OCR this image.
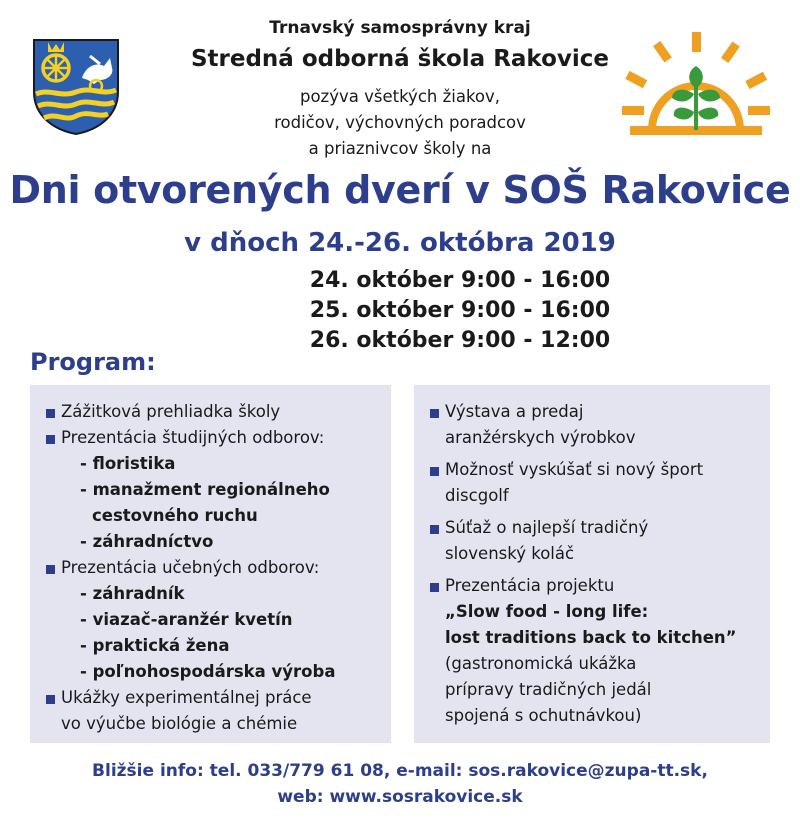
Trnavský samosprávny kraj
Stredná odborná škola Rakovice
pozýva všetkých žiakov,
rodičov, výchovných poradcov
a priaznivcov školy na
Dni otvorených dverí v SOŠ Rakovice
v dňoch 24.-26. októbra 2019
24. október 9:00 - 16:00
25. október 9:00 - 16:00
26. október 9:00 - 12:00
Program:
Zážitková prehliadka školy
Prezentácia študijných odborov:
- floristika
- manažment regionálneho
cestovného ruchu
- záhradníctvo
Prezentácia učebných odborov:
- záhradník
- viazač-aranžér kvetín
- praktická žena
- poľnohospodárska výroba
Ukážky experimentálnej práce
vo výučbe biológie a chémie
Výstava a predaj
aranžérskych výrobkov
Možnosť vyskúšať si nový šport
discgolf
Súťaž o najlepší tradičný
slovenský koláč
Prezentácia projektu
„Slow food - long life:
lost traditions back to kitchen”
(gastronomická ukážka
prípravy tradičných jedál
spojená s ochutnávkou)
Bližšie info: tel. 033/779 61 08, e-mail: sos.rakovice@zupa-tt.sk,
web: www.sosrakovice.sk
